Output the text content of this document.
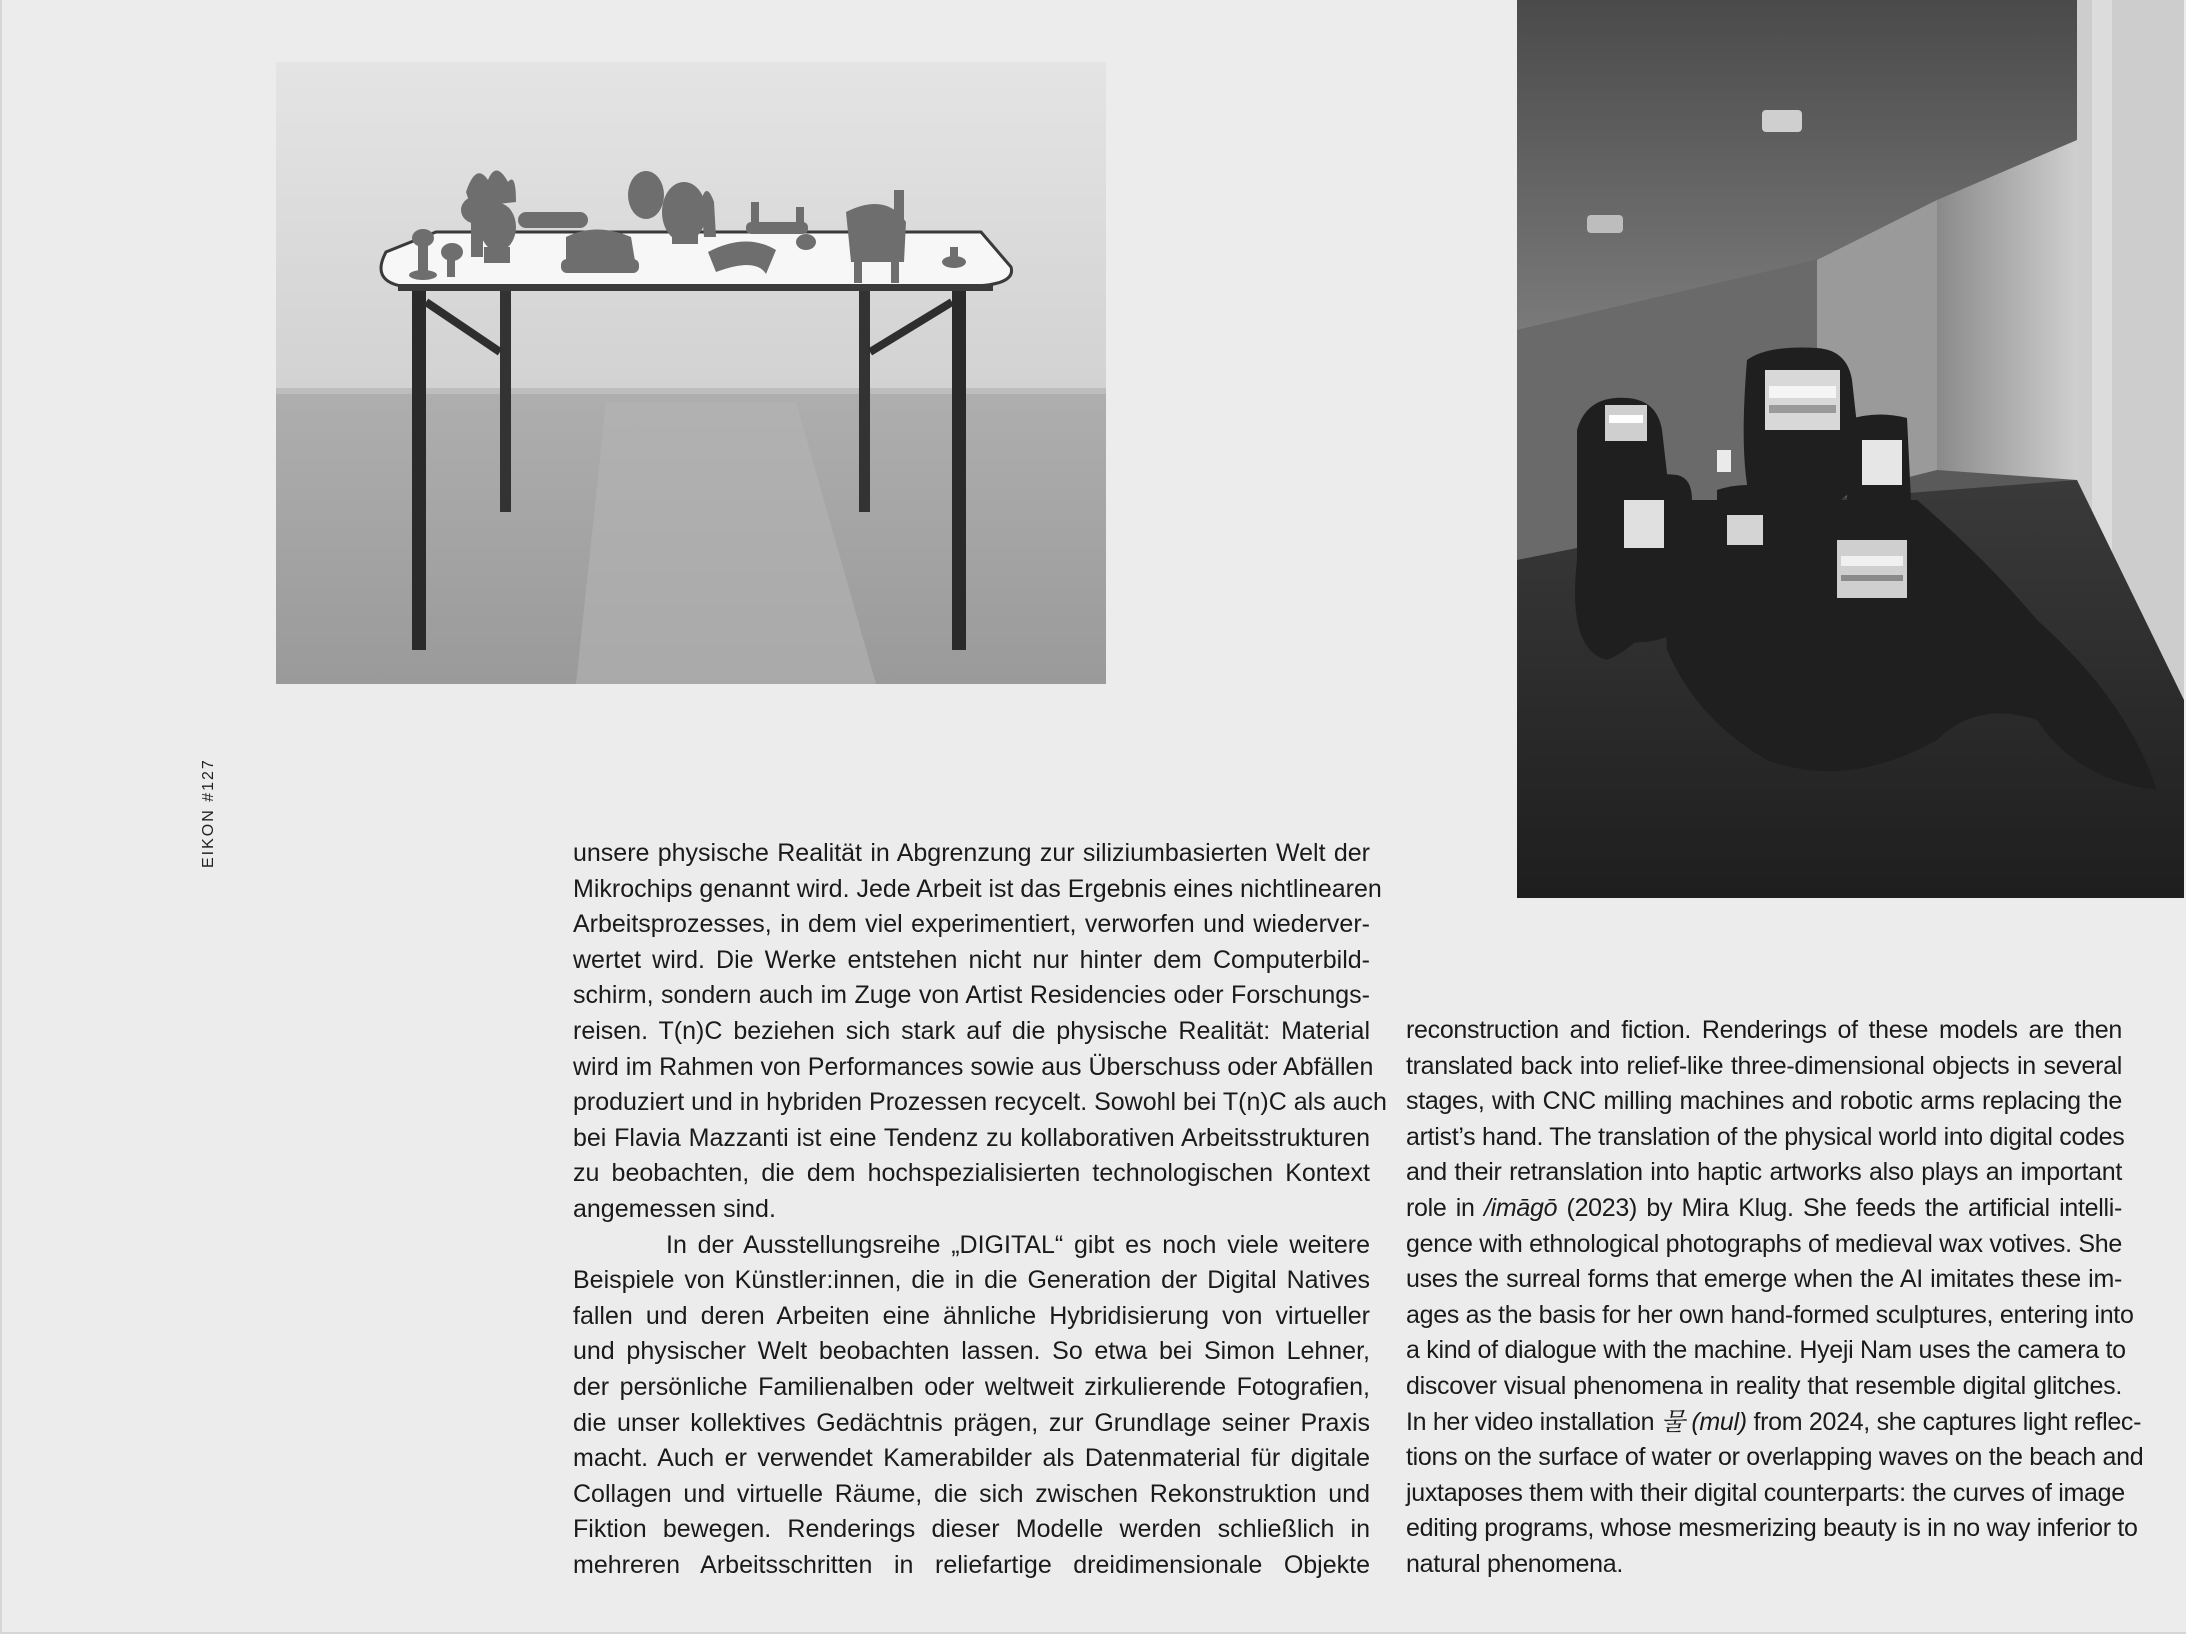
EIKON #127	unsere physische Realität in Abgrenzung zur siliziumbasierten Welt der
Mikrochips genannt wird. Jede Arbeit ist das Ergebnis eines nichtlinearen
Arbeitsprozesses, in dem viel experimentiert, verworfen und wiederver-
wertet wird. Die Werke entstehen nicht nur hinter dem Computerbild-
schirm, sondern auch im Zuge von Artist Residencies oder Forschungs-
reisen. T(n)C beziehen sich stark auf die physische Realität: Material
wird im Rahmen von Performances sowie aus Überschuss oder Abfällen
produziert und in hybriden Prozessen recycelt. Sowohl bei T(n)C als auch
bei Flavia Mazzanti ist eine Tendenz zu kollaborativen Arbeitsstrukturen
zu beobachten, die dem hochspezialisierten technologischen Kontext
angemessen sind.
In der Ausstellungsreihe „DIGITAL“ gibt es noch viele weitere
Beispiele von Künstler:innen, die in die Generation der Digital Natives
fallen und deren Arbeiten eine ähnliche Hybridisierung von virtueller
und physischer Welt beobachten lassen. So etwa bei Simon Lehner,
der persönliche Familienalben oder weltweit zirkulierende Fotografien,
die unser kollektives Gedächtnis prägen, zur Grundlage seiner Praxis
macht. Auch er verwendet Kamerabilder als Datenmaterial für digitale
Collagen und virtuelle Räume, die sich zwischen Rekonstruktion und
Fiktion bewegen. Renderings dieser Modelle werden schließlich in
mehreren Arbeitsschritten in reliefartige dreidimensionale Objekte
reconstruction and fiction. Renderings of these models are then
translated back into relief-like three-dimensional objects in several
stages, with CNC milling machines and robotic arms replacing the
artist’s hand. The translation of the physical world into digital codes
and their retranslation into haptic artworks also plays an important
role in /imāgō (2023) by Mira Klug. She feeds the artificial intelli-
gence with ethnological photographs of medieval wax votives. She
uses the surreal forms that emerge when the AI imitates these im-
ages as the basis for her own hand-formed sculptures, entering into
a kind of dialogue with the machine. Hyeji Nam uses the camera to
discover visual phenomena in reality that resemble digital glitches.
In her video installation 물 (mul) from 2024, she captures light reflec-
tions on the surface of water or overlapping waves on the beach and
juxtaposes them with their digital counterparts: the curves of image
editing programs, whose mesmerizing beauty is in no way inferior to
natural phenomena.
